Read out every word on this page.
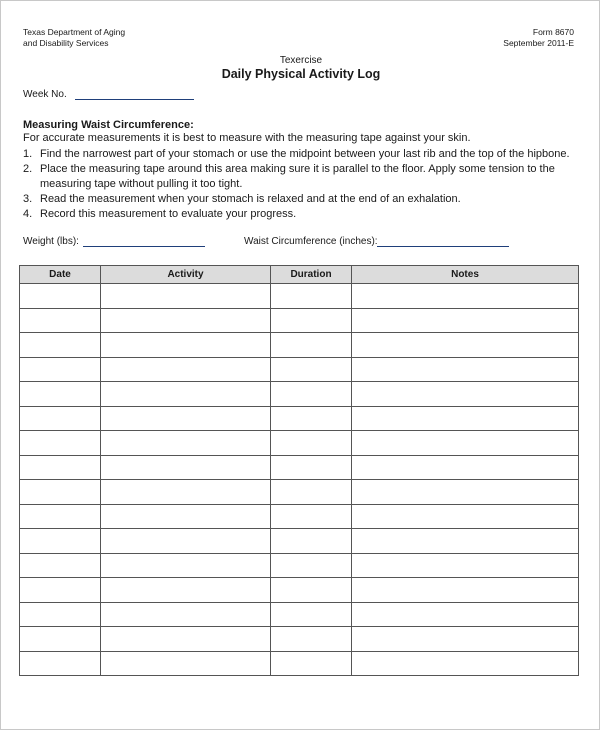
Texas Department of Aging
and Disability Services
Form 8670
September 2011-E
Texercise
Daily Physical Activity Log
Week No.
Measuring Waist Circumference:
For accurate measurements it is best to measure with the measuring tape against your skin.
1. Find the narrowest part of your stomach or use the midpoint between your last rib and the top of the hipbone.
2. Place the measuring tape around this area making sure it is parallel to the floor. Apply some tension to the measuring tape without pulling it too tight.
3. Read the measurement when your stomach is relaxed and at the end of an exhalation.
4. Record this measurement to evaluate your progress.
Weight (lbs):	Waist Circumference (inches):
Date	Activity	Duration	Notes
